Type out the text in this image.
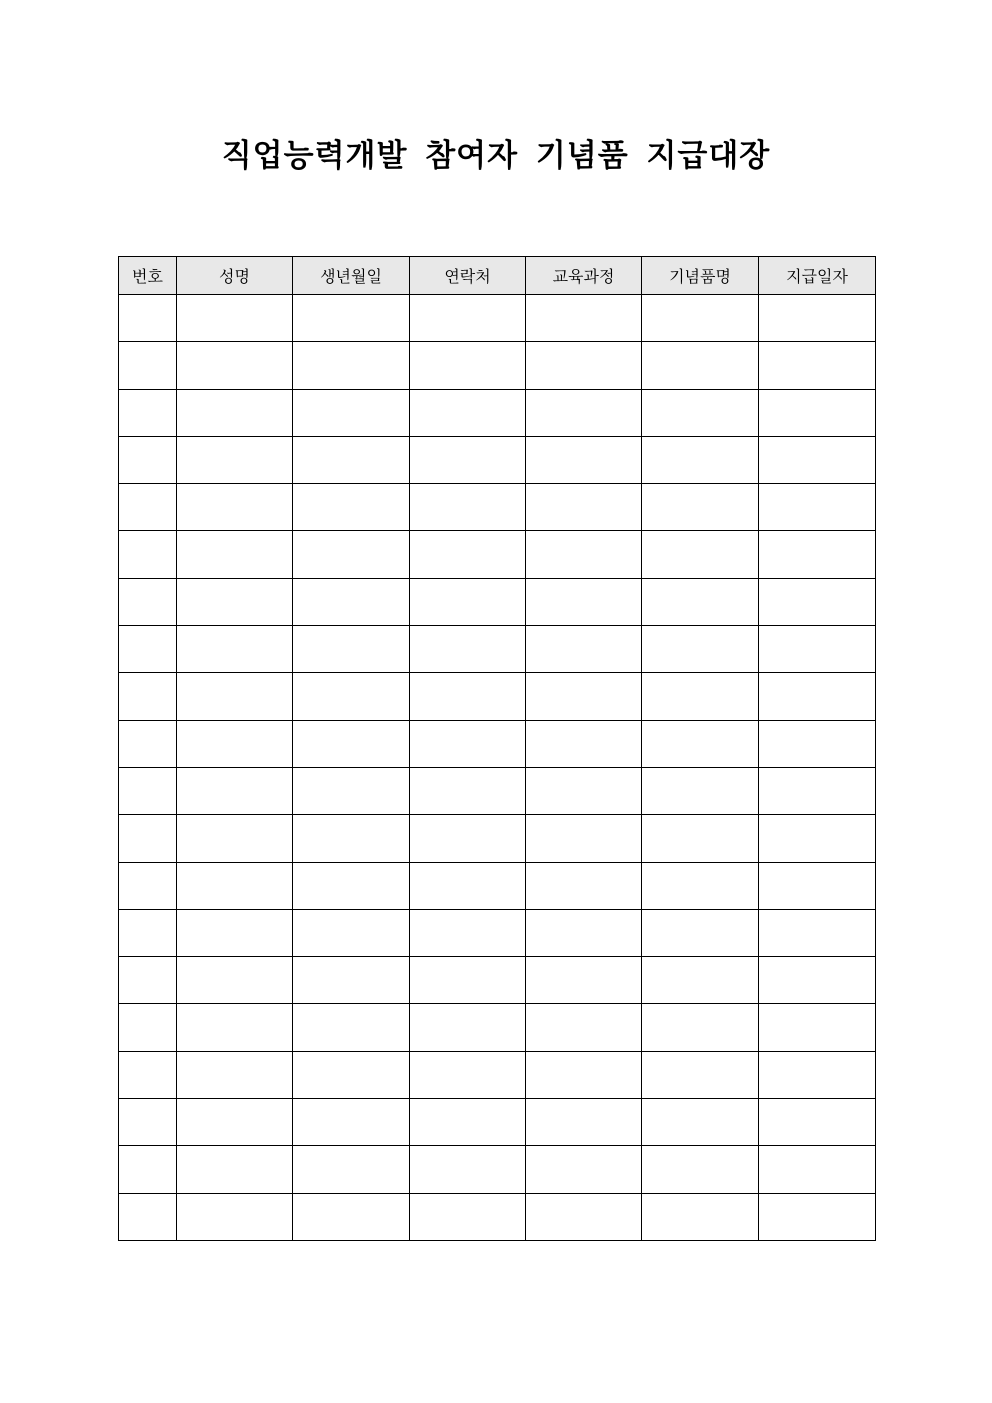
직업능력개발 참여자 기념품 지급대장
번호	성명	생년월일	연락처	교육과정	기념품명	지급일자
